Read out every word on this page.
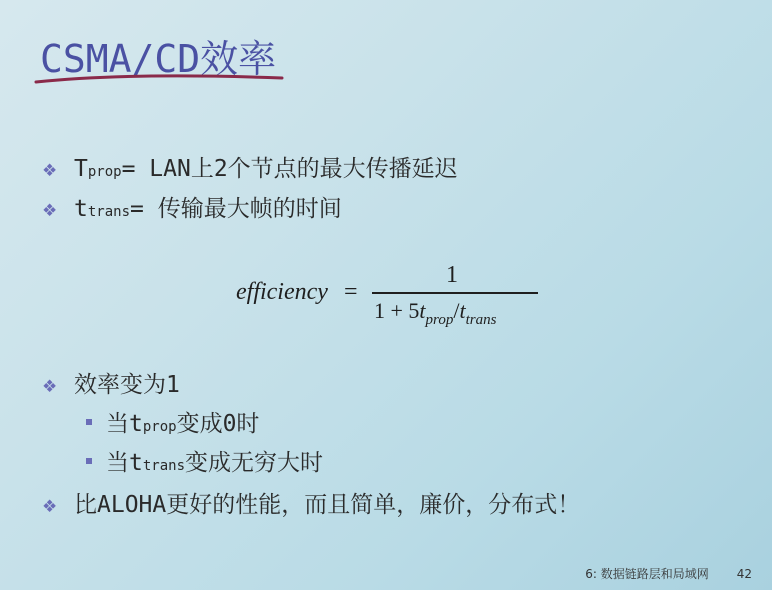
CSMA/CD效率
❖ T prop = LAN上2个节点的最大传播延迟
❖ t trans = 传输最大帧的时间
efficiency =
1
$1 + 5t_{prop}/t_{trans}$
❖ 效率变为1
当 t prop 变成0时
当 t trans 变成无穷大时
❖ 比ALOHA更好的性能，而且简单，廉价，分布式！
6: 数据链路层和局域网 42
